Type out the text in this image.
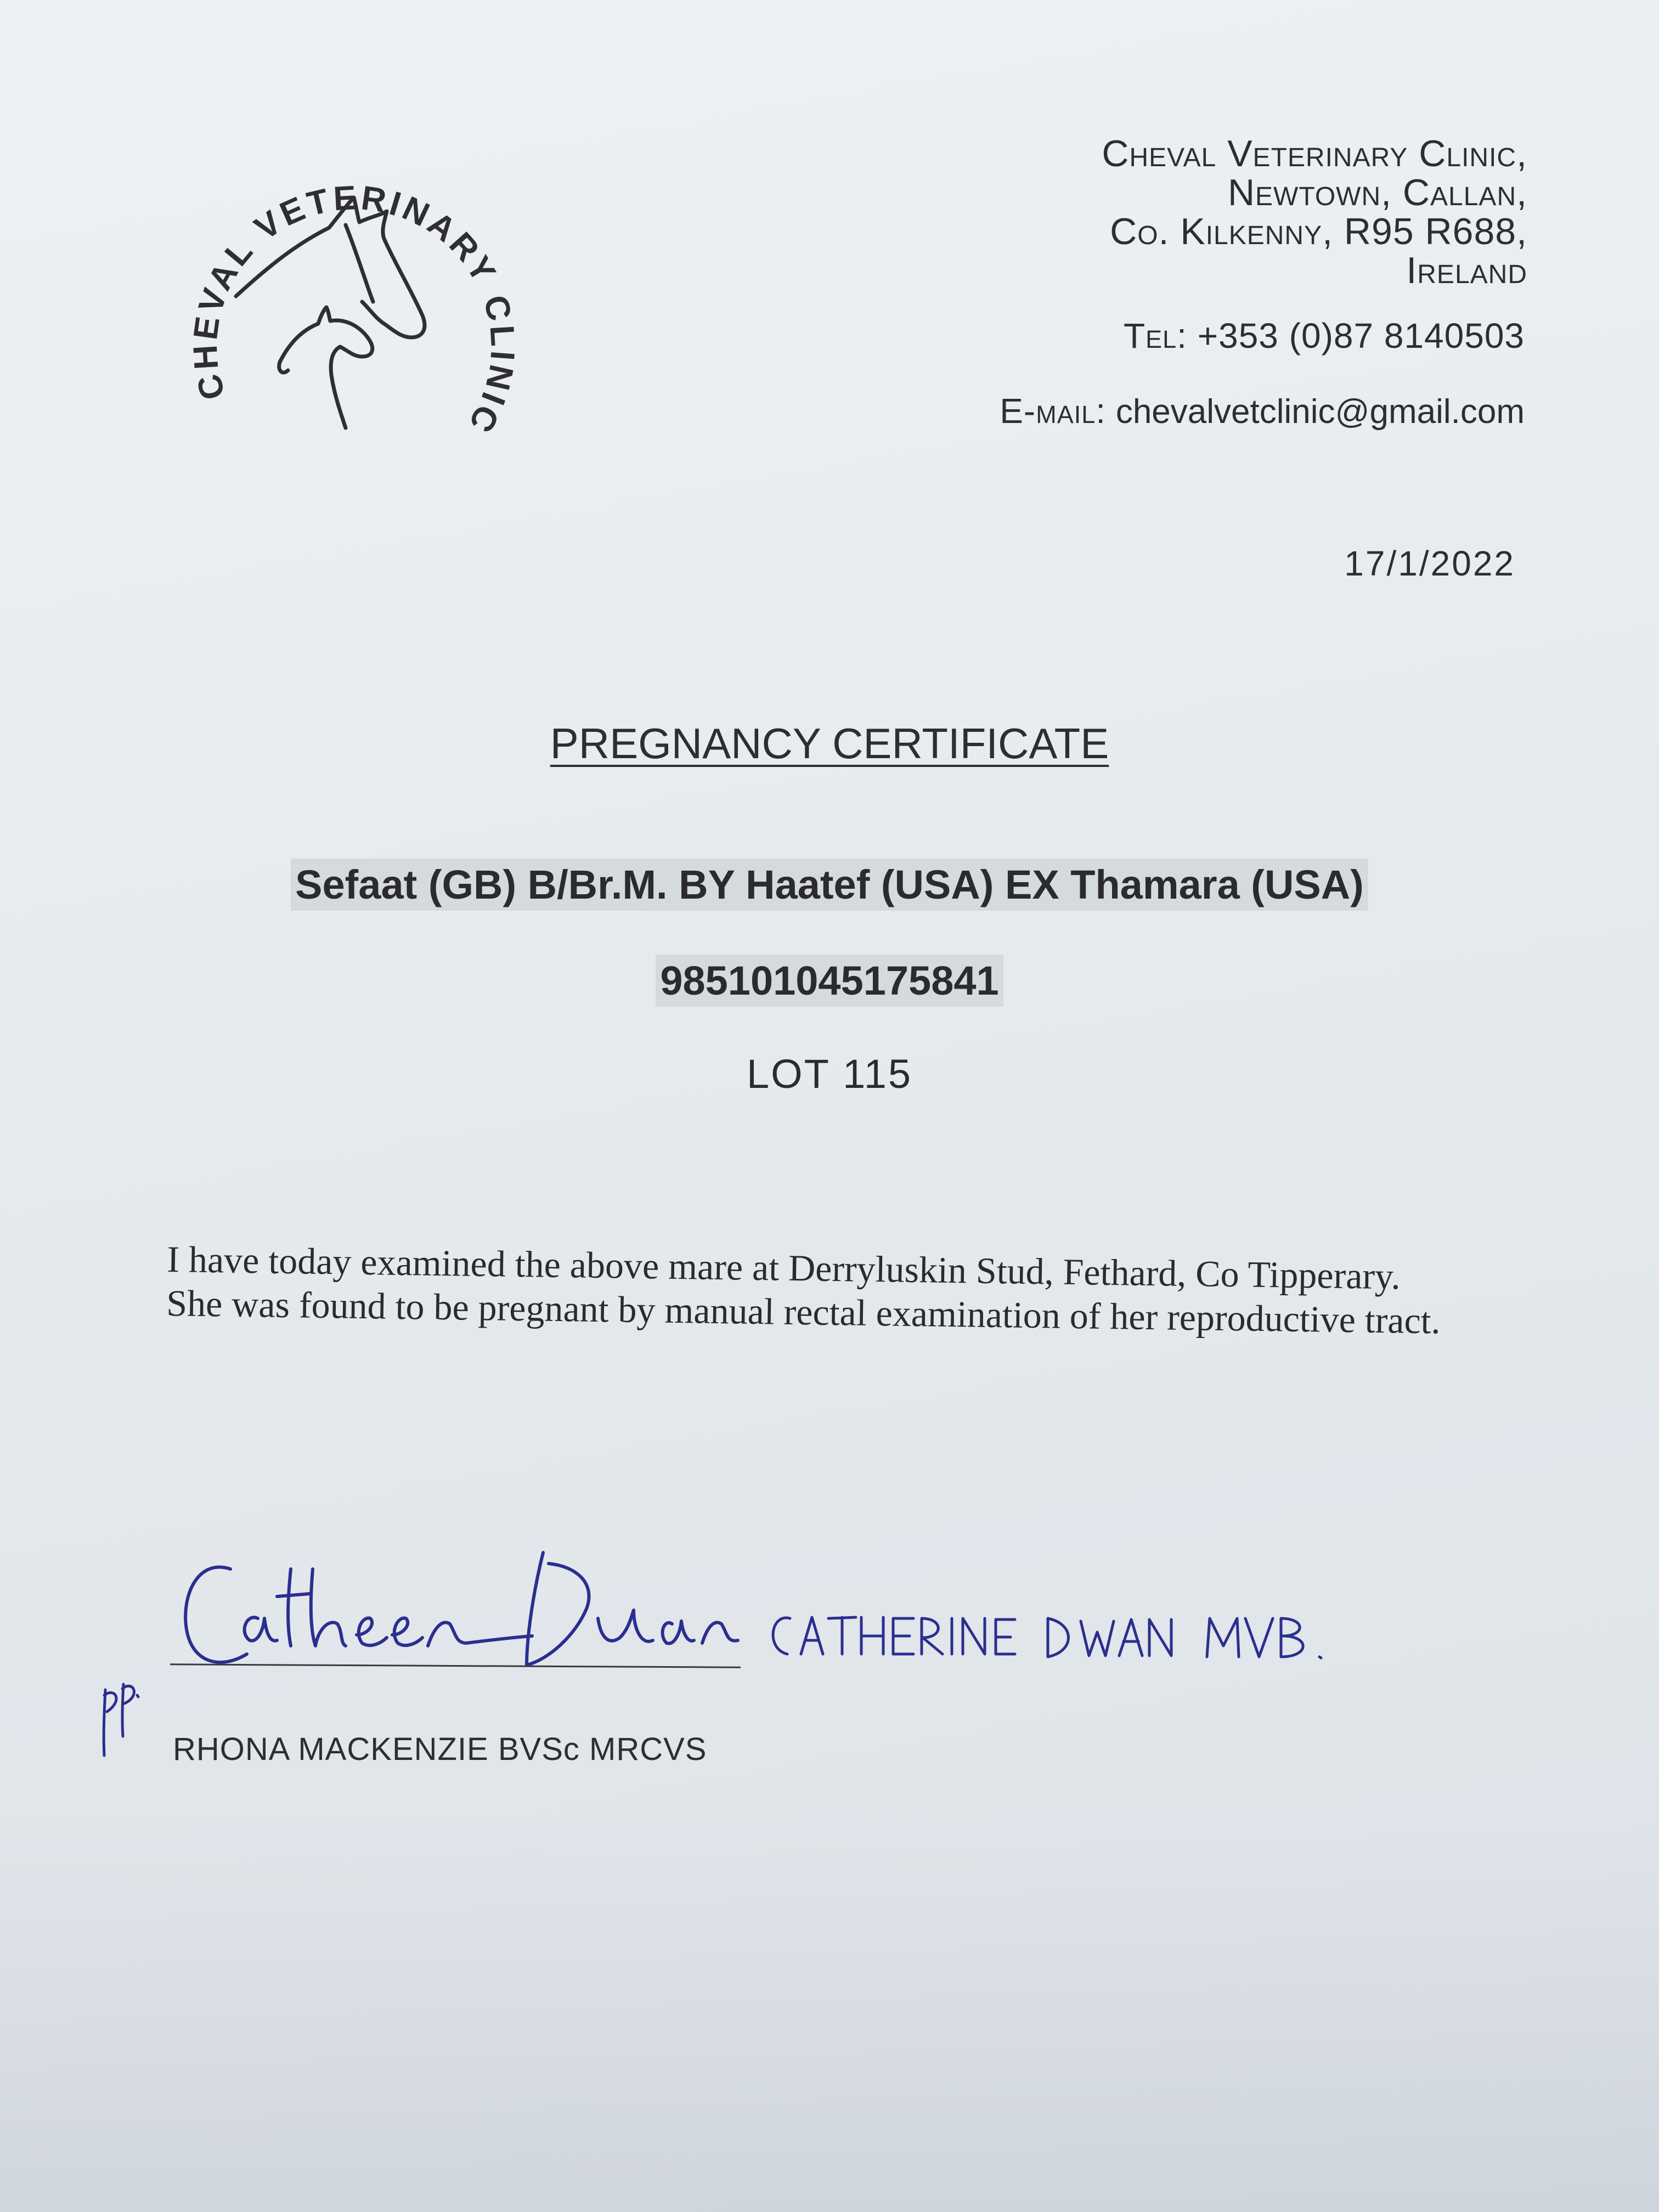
CHEVAL VETERINARY CLINIC
Cheval Veterinary Clinic,
Newtown, Callan,
Co. Kilkenny, R95 R688,
Ireland
Tel: +353 (0)87 8140503
E-mail: chevalvetclinic@gmail.com
17/1/2022
PREGNANCY CERTIFICATE
Sefaat (GB) B/Br.M. BY Haatef (USA) EX Thamara (USA)
985101045175841
LOT 115
I have today examined the above mare at Derryluskin Stud, Fethard, Co Tipperary. She was found to be pregnant by manual rectal examination of her reproductive tract.
RHONA MACKENZIE BVSc MRCVS
